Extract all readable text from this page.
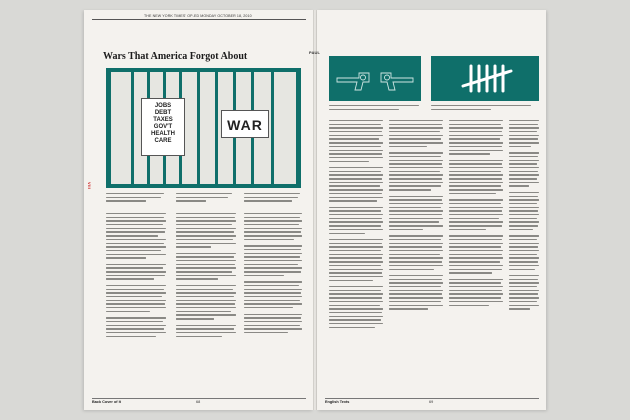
THE NEW YORK TIMES' OP-ED MONDAY OCTOBER 18, 2010
Wars That America Forgot About
JOBS
DEBT
TAXES
GOV'T
HEALTH
CARE
WAR
VIII
Back Cover of It	68
PAUL
English Texts	69
